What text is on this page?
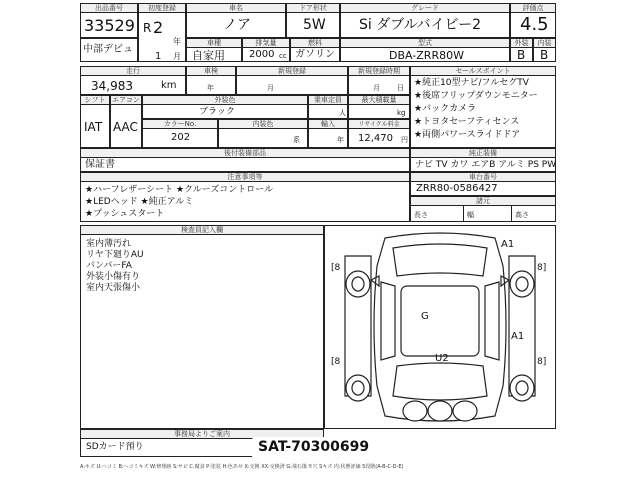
出品番号
33529
初度登録
R 2
年
1 月
中部デビュ
車名
ノア
ドア形状
5W
グレード
Si ダブルバイビー2
評価点
4.5
車種
自家用
排気量
2000 cc
燃料
ガソリン
型式
DBA-ZRR80W
外装
B
内装
B
走行
34,983	km
車検
年
新規登録
月
新規登録時期
月 日
セールスポイント
★純正10型ナビ/フルセグTV
★後席フリップダウンモニター
★バックカメラ
★トヨタセーフティセンス
★両側パワースライドドア
シフト
IAT
エアコン
AAC
外装色
ブラック
乗車定員
人
最大積載量
kg
カラーNo.
202
内装色
系
輸入
年
リサイクル料金
12,470 円
後付装備部品
保証書
純正装備
ナビ TV カワ エアB アルミ PS PW
注意事項等
★ハーフレザーシート ★クルーズコントロール
★LEDヘッド ★純正アルミ
★プッシュスタート
車台番号
ZRR80-0586427
諸元
長さ	幅	高さ
検査員記入欄
室内薄汚れ
リヤ下廻りAU
バンパーFA
外装小傷有り
室内天張傷小
A1
G
A1
U2
[8	8]
[8	8]
事務局よりご案内
SDカード預り	SAT-70300699
A:キズ U:ヘコミ B:ヘコミキズ W:修理跡 S:サビ C:腐食 P:塗装 H:色あせ X:交換 XX:交換済 G:飛石傷 Y:穴 Sキズ 内:状態評価 5段階(A-B-C-D-E)
